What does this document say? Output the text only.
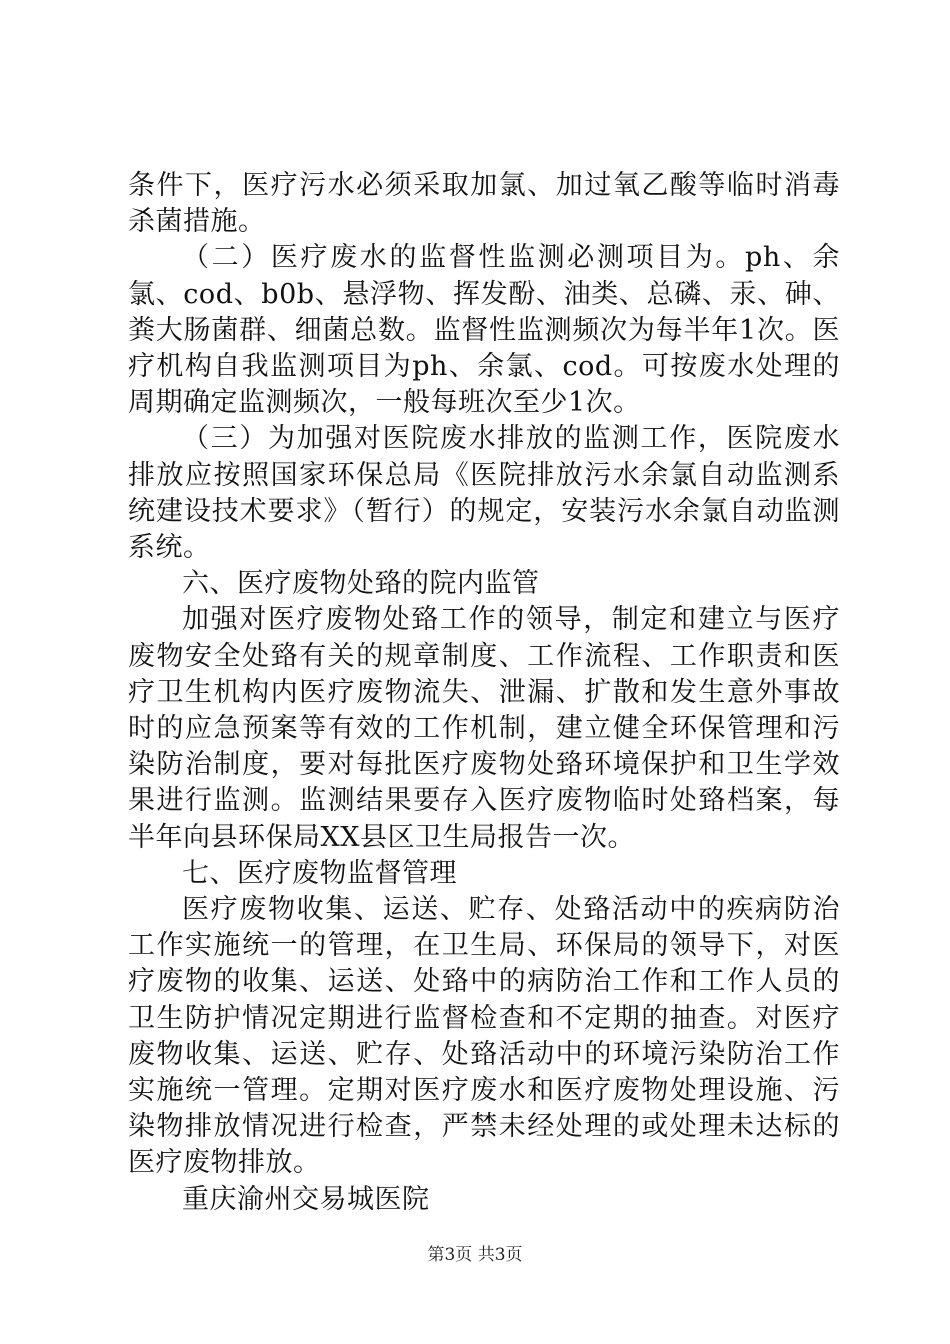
条件下，医疗污水必须采取加氯、加过氧乙酸等临时消毒杀菌措施。

（二）医疗废水的监督性监测必测项目为。ph、余氯、cod、b0b、悬浮物、挥发酚、油类、总磷、汞、砷、粪大肠菌群、细菌总数。监督性监测频次为每半年1次。医疗机构自我监测项目为ph、余氯、cod。可按废水处理的周期确定监测频次，一般每班次至少1次。

（三）为加强对医院废水排放的监测工作，医院废水排放应按照国家环保总局《医院排放污水余氯自动监测系统建设技术要求》（暂行）的规定，安装污水余氯自动监测系统。

六、医疗废物处臵的院内监管

加强对医疗废物处臵工作的领导，制定和建立与医疗废物安全处臵有关的规章制度、工作流程、工作职责和医疗卫生机构内医疗废物流失、泄漏、扩散和发生意外事故时的应急预案等有效的工作机制，建立健全环保管理和污染防治制度，要对每批医疗废物处臵环境保护和卫生学效果进行监测。监测结果要存入医疗废物临时处臵档案，每半年向县环保局XX县区卫生局报告一次。

七、医疗废物监督管理

医疗废物收集、运送、贮存、处臵活动中的疾病防治工作实施统一的管理，在卫生局、环保局的领导下，对医疗废物的收集、运送、处臵中的病防治工作和工作人员的卫生防护情况定期进行监督检查和不定期的抽查。对医疗废物收集、运送、贮存、处臵活动中的环境污染防治工作实施统一管理。定期对医疗废水和医疗废物处理设施、污染物排放情况进行检查，严禁未经处理的或处理未达标的医疗废物排放。

重庆渝州交易城医院

第3页 共3页
